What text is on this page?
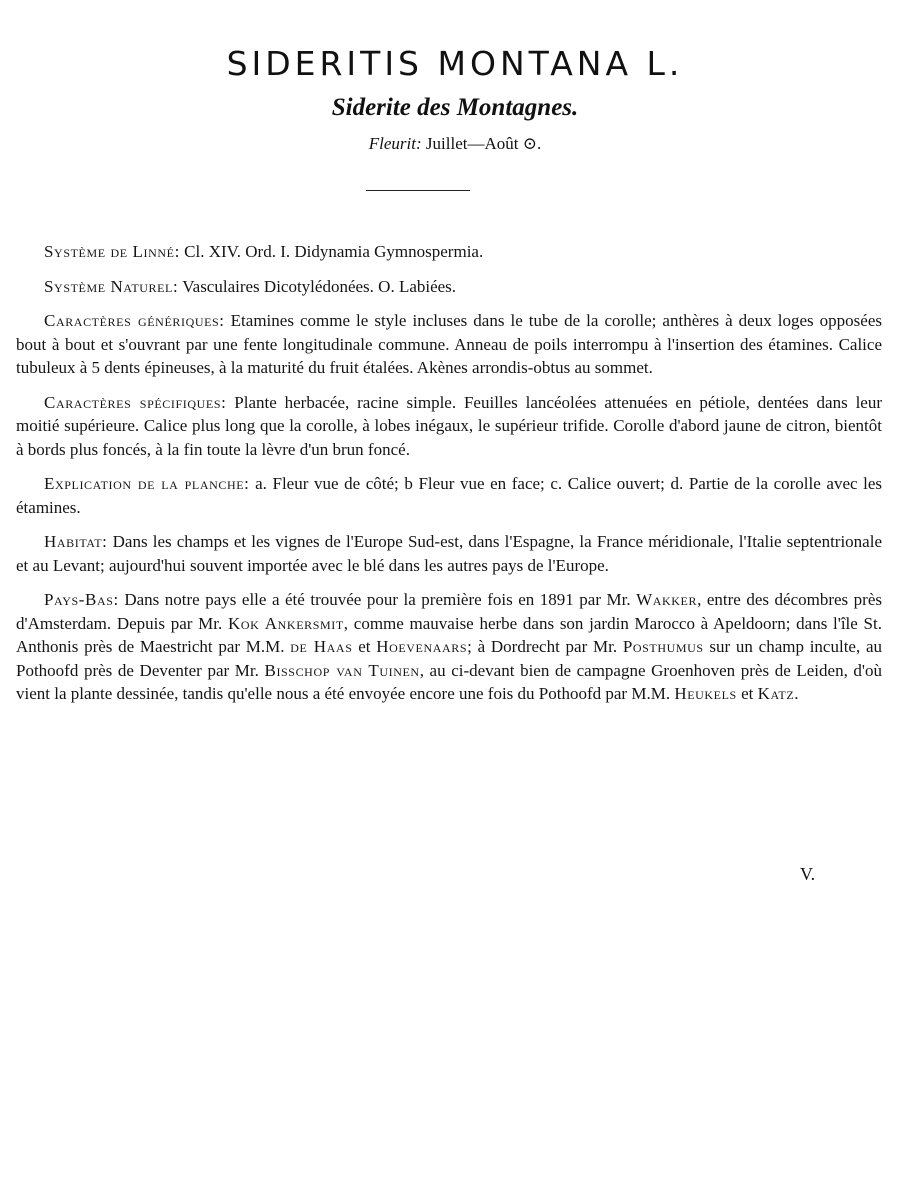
SIDERITIS MONTANA L.
Siderite des Montagnes.
Fleurit: Juillet—Août ⊙.

Système de Linné: Cl. XIV. Ord. I. Didynamia Gymnospermia.

Système Naturel: Vasculaires Dicotylédonées. O. Labiées.

Caractères génériques: Etamines comme le style incluses dans le tube de la corolle; anthères à deux loges opposées bout à bout et s'ouvrant par une fente longitudinale commune. Anneau de poils interrompu à l'insertion des étamines. Calice tubuleux à 5 dents épineuses, à la maturité du fruit étalées. Akènes arrondis-obtus au sommet.

Caractères spécifiques: Plante herbacée, racine simple. Feuilles lancéolées attenuées en pétiole, dentées dans leur moitié supérieure. Calice plus long que la corolle, à lobes inégaux, le supérieur trifide. Corolle d'abord jaune de citron, bientôt à bords plus foncés, à la fin toute la lèvre d'un brun foncé.

Explication de la planche: a. Fleur vue de côté; b Fleur vue en face; c. Calice ouvert; d. Partie de la corolle avec les étamines.

Habitat: Dans les champs et les vignes de l'Europe Sud-est, dans l'Espagne, la France méridionale, l'Italie septentrionale et au Levant; aujourd'hui souvent importée avec le blé dans les autres pays de l'Europe.

Pays-Bas: Dans notre pays elle a été trouvée pour la première fois en 1891 par Mr. Wakker, entre des décombres près d'Amsterdam. Depuis par Mr. Kok Ankersmit, comme mauvaise herbe dans son jardin Marocco à Apeldoorn; dans l'île St. Anthonis près de Maestricht par M.M. de Haas et Hoevenaars; à Dordrecht par Mr. Posthumus sur un champ inculte, au Pothoofd près de Deventer par Mr. Bisschop van Tuinen, au ci-devant bien de campagne Groenhoven près de Leiden, d'où vient la plante dessinée, tandis qu'elle nous a été envoyée encore une fois du Pothoofd par M.M. Heukels et Katz.

V.
